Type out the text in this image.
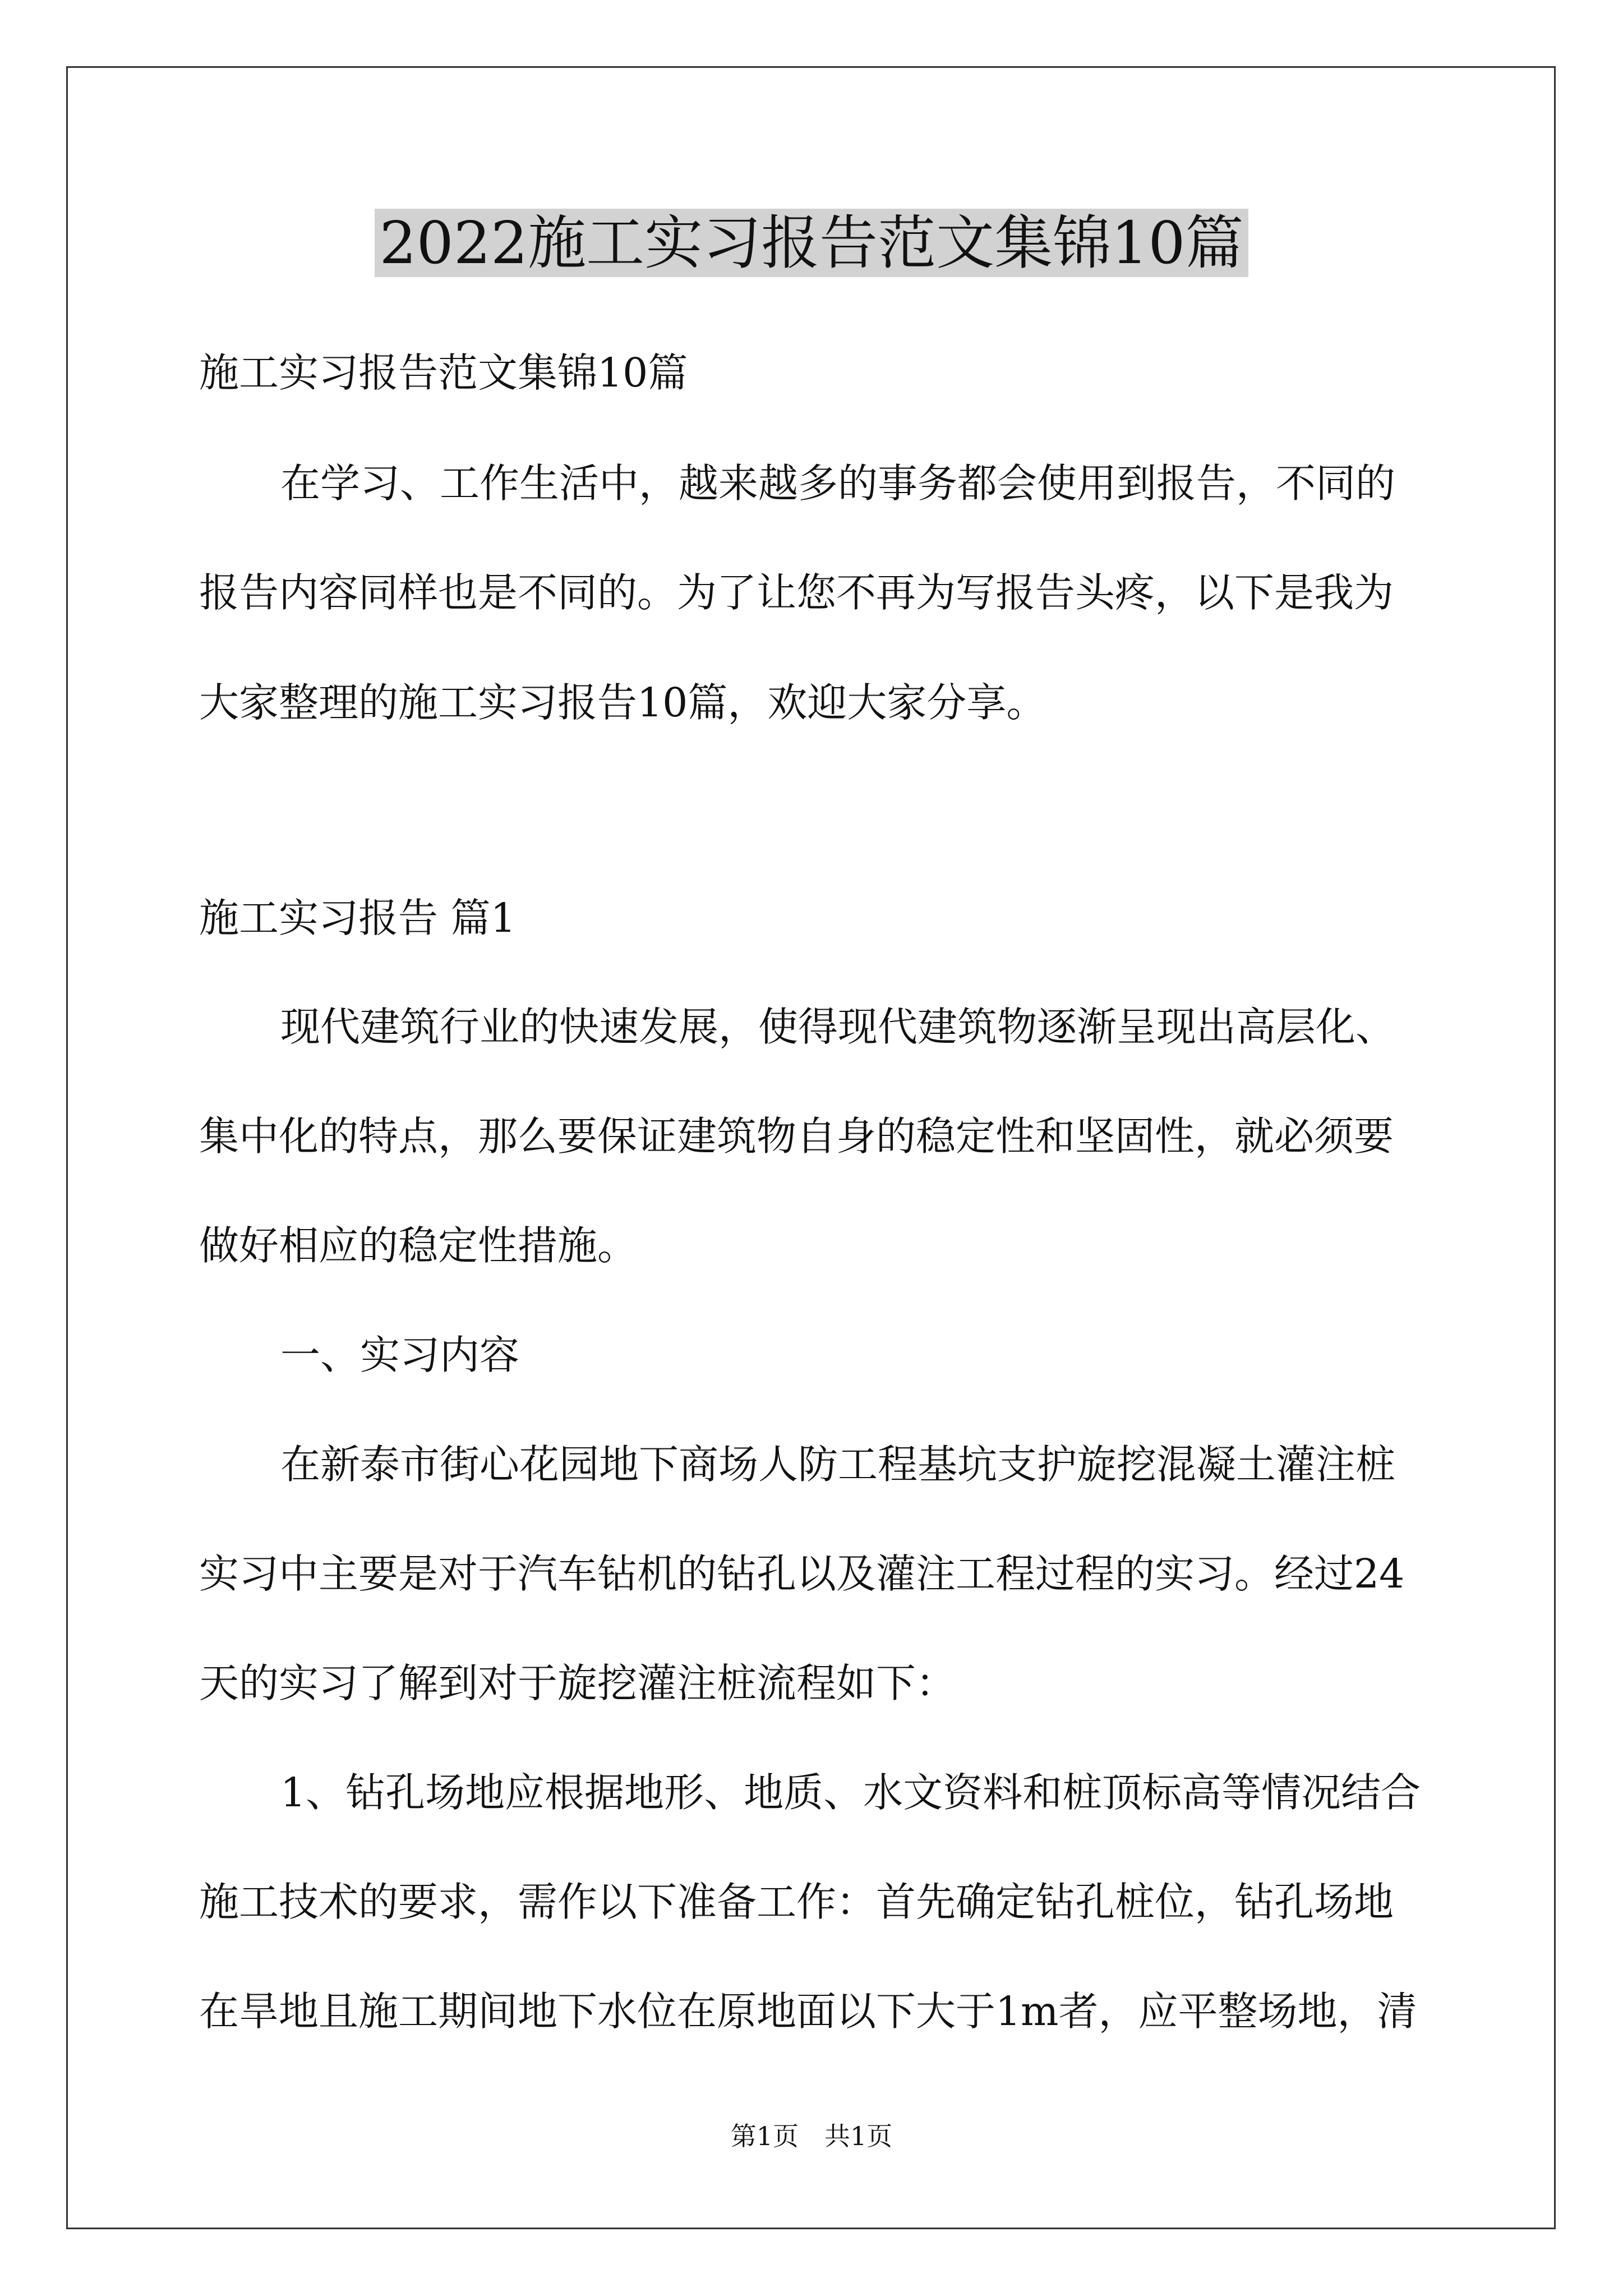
2022施工实习报告范文集锦10篇

施工实习报告范文集锦10篇

在学习、工作生活中，越来越多的事务都会使用到报告，不同的

报告内容同样也是不同的。为了让您不再为写报告头疼，以下是我为

大家整理的施工实习报告10篇，欢迎大家分享。

施工实习报告 篇1

现代建筑行业的快速发展，使得现代建筑物逐渐呈现出高层化、

集中化的特点，那么要保证建筑物自身的稳定性和坚固性，就必须要

做好相应的稳定性措施。

一、实习内容

在新泰市街心花园地下商场人防工程基坑支护旋挖混凝土灌注桩

实习中主要是对于汽车钻机的钻孔以及灌注工程过程的实习。经过24

天的实习了解到对于旋挖灌注桩流程如下：

1、钻孔场地应根据地形、地质、水文资料和桩顶标高等情况结合

施工技术的要求，需作以下准备工作：首先确定钻孔桩位，钻孔场地

在旱地且施工期间地下水位在原地面以下大于1m者，应平整场地，清

第1页　共1页
